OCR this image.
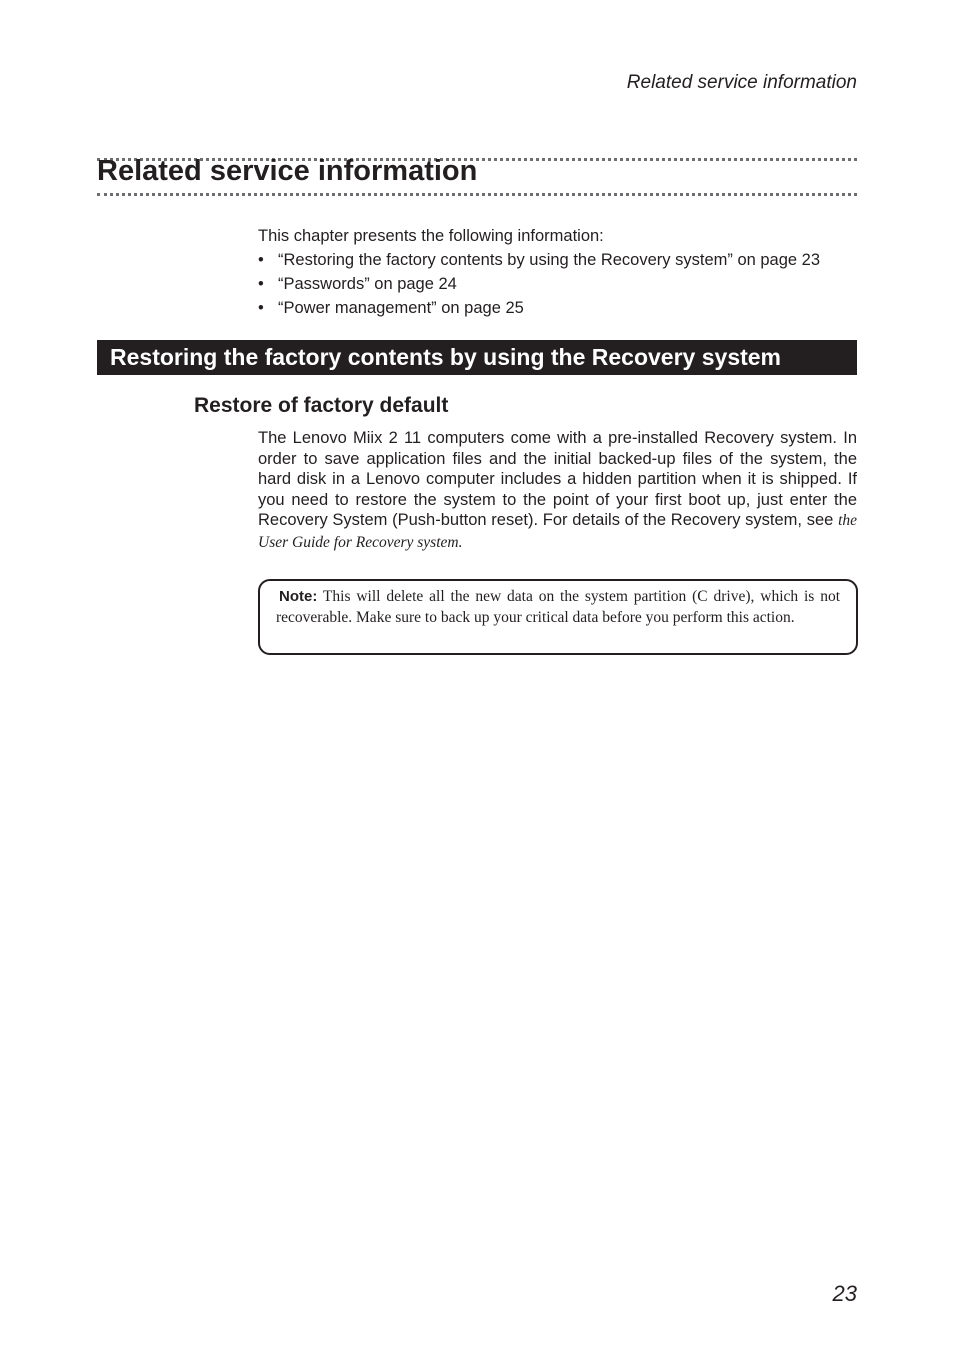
Related service information
Related service information
This chapter presents the following information:
• “Restoring the factory contents by using the Recovery system” on page 23
• “Passwords” on page 24
• “Power management” on page 25
Restoring the factory contents by using the Recovery system
Restore of factory default

The Lenovo Miix 2 11 computers come with a pre-installed Recovery system. In order to save application files and the initial backed-up files of the system, the hard disk in a Lenovo computer includes a hidden partition when it is shipped. If you need to restore the system to the point of your first boot up, just enter the Recovery System (Push-button reset). For details of the Recovery system, see the User Guide for Recovery system.

Note: This will delete all the new data on the system partition (C drive), which is not recoverable. Make sure to back up your critical data before you perform this action.
23
